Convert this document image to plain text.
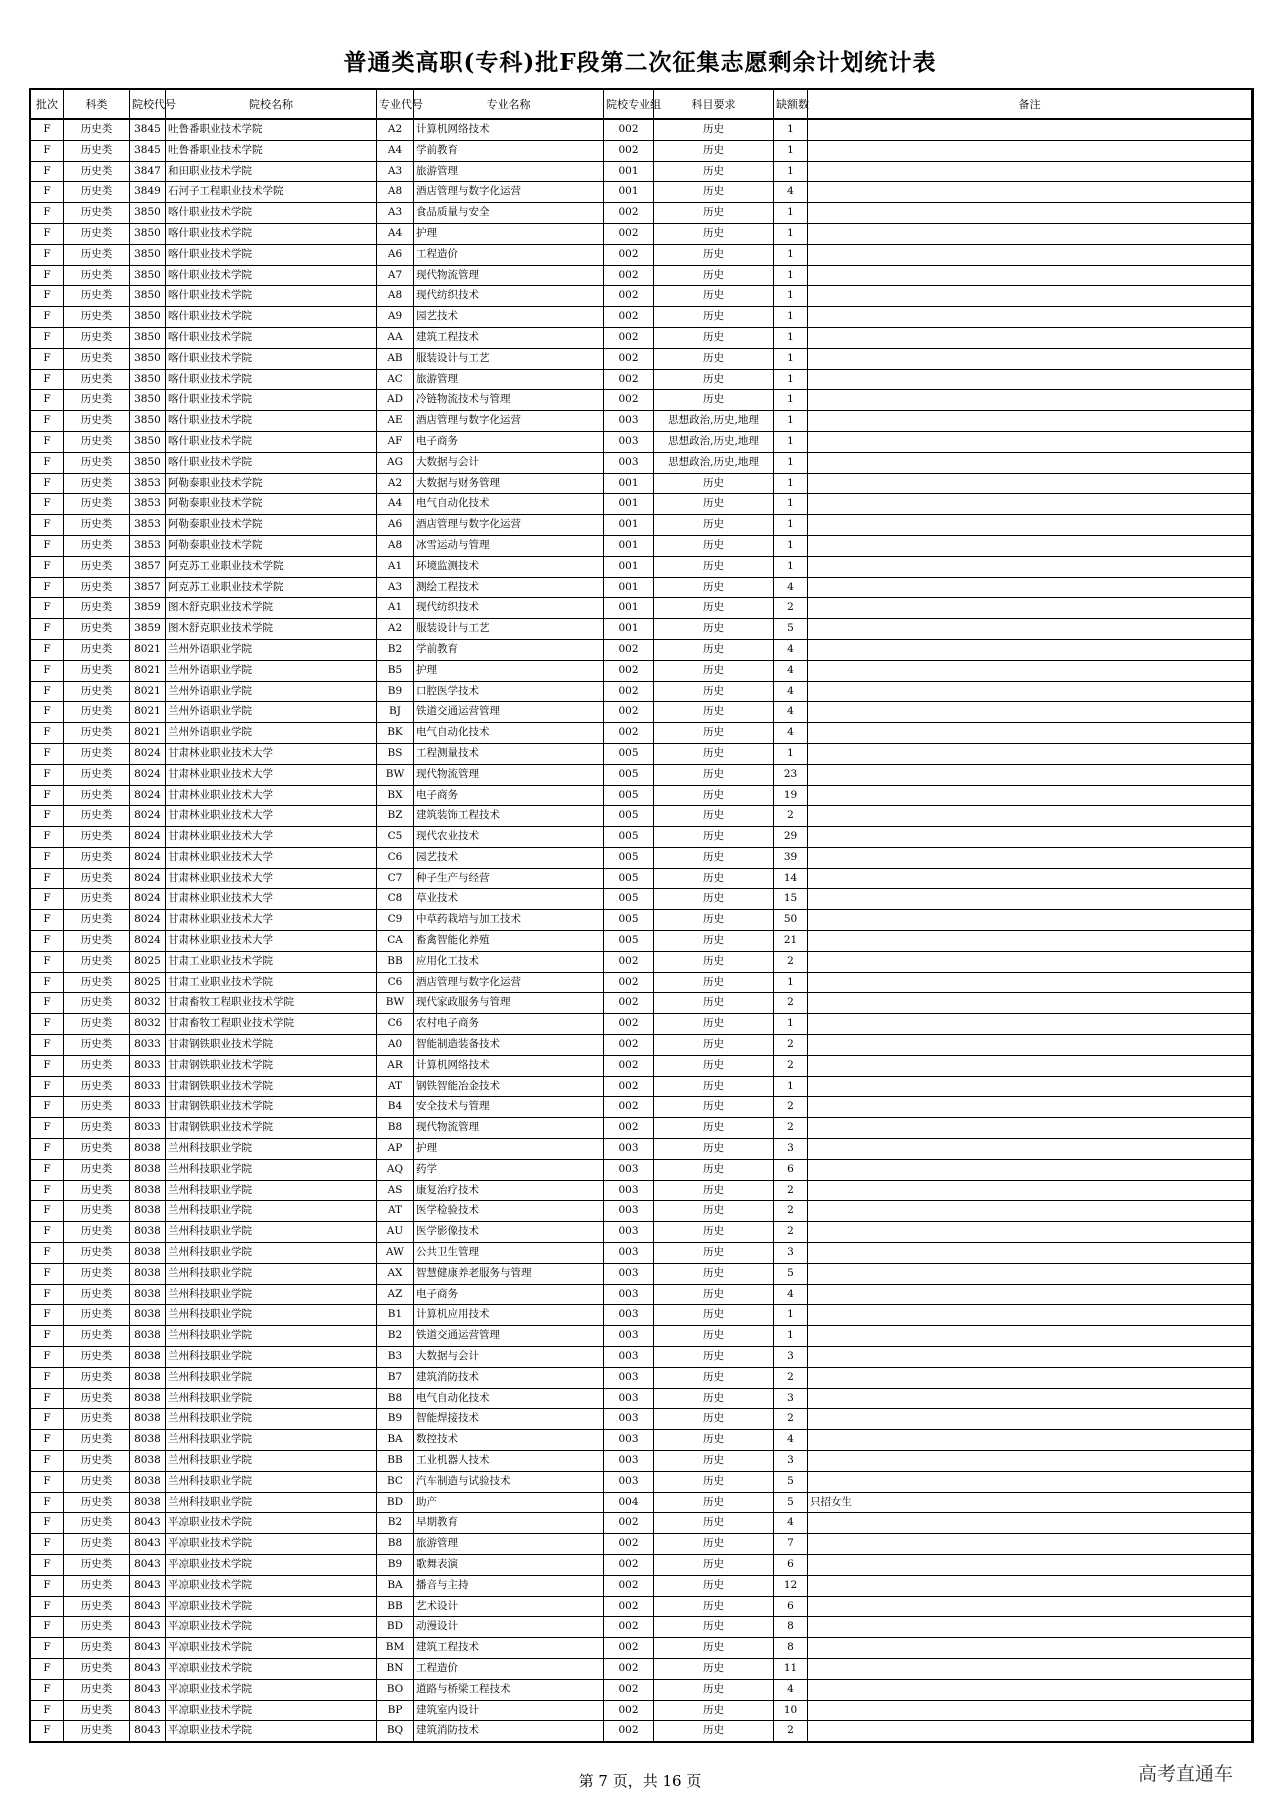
普通类高职(专科)批F段第二次征集志愿剩余计划统计表
批次	科类	院校代号	院校名称	专业代号	专业名称	院校专业组	科目要求	缺额数	备注
F	历史类	3845	吐鲁番职业技术学院	A2	计算机网络技术	002	历史	1	
F	历史类	3845	吐鲁番职业技术学院	A4	学前教育	002	历史	1	
F	历史类	3847	和田职业技术学院	A3	旅游管理	001	历史	1	
F	历史类	3849	石河子工程职业技术学院	A8	酒店管理与数字化运营	001	历史	4	
F	历史类	3850	喀什职业技术学院	A3	食品质量与安全	002	历史	1	
F	历史类	3850	喀什职业技术学院	A4	护理	002	历史	1	
F	历史类	3850	喀什职业技术学院	A6	工程造价	002	历史	1	
F	历史类	3850	喀什职业技术学院	A7	现代物流管理	002	历史	1	
F	历史类	3850	喀什职业技术学院	A8	现代纺织技术	002	历史	1	
F	历史类	3850	喀什职业技术学院	A9	园艺技术	002	历史	1	
F	历史类	3850	喀什职业技术学院	AA	建筑工程技术	002	历史	1	
F	历史类	3850	喀什职业技术学院	AB	服装设计与工艺	002	历史	1	
F	历史类	3850	喀什职业技术学院	AC	旅游管理	002	历史	1	
F	历史类	3850	喀什职业技术学院	AD	冷链物流技术与管理	002	历史	1	
F	历史类	3850	喀什职业技术学院	AE	酒店管理与数字化运营	003	思想政治,历史,地理	1	
F	历史类	3850	喀什职业技术学院	AF	电子商务	003	思想政治,历史,地理	1	
F	历史类	3850	喀什职业技术学院	AG	大数据与会计	003	思想政治,历史,地理	1	
F	历史类	3853	阿勒泰职业技术学院	A2	大数据与财务管理	001	历史	1	
F	历史类	3853	阿勒泰职业技术学院	A4	电气自动化技术	001	历史	1	
F	历史类	3853	阿勒泰职业技术学院	A6	酒店管理与数字化运营	001	历史	1	
F	历史类	3853	阿勒泰职业技术学院	A8	冰雪运动与管理	001	历史	1	
F	历史类	3857	阿克苏工业职业技术学院	A1	环境监测技术	001	历史	1	
F	历史类	3857	阿克苏工业职业技术学院	A3	测绘工程技术	001	历史	4	
F	历史类	3859	图木舒克职业技术学院	A1	现代纺织技术	001	历史	2	
F	历史类	3859	图木舒克职业技术学院	A2	服装设计与工艺	001	历史	5	
F	历史类	8021	兰州外语职业学院	B2	学前教育	002	历史	4	
F	历史类	8021	兰州外语职业学院	B5	护理	002	历史	4	
F	历史类	8021	兰州外语职业学院	B9	口腔医学技术	002	历史	4	
F	历史类	8021	兰州外语职业学院	BJ	铁道交通运营管理	002	历史	4	
F	历史类	8021	兰州外语职业学院	BK	电气自动化技术	002	历史	4	
F	历史类	8024	甘肃林业职业技术大学	BS	工程测量技术	005	历史	1	
F	历史类	8024	甘肃林业职业技术大学	BW	现代物流管理	005	历史	23	
F	历史类	8024	甘肃林业职业技术大学	BX	电子商务	005	历史	19	
F	历史类	8024	甘肃林业职业技术大学	BZ	建筑装饰工程技术	005	历史	2	
F	历史类	8024	甘肃林业职业技术大学	C5	现代农业技术	005	历史	29	
F	历史类	8024	甘肃林业职业技术大学	C6	园艺技术	005	历史	39	
F	历史类	8024	甘肃林业职业技术大学	C7	种子生产与经营	005	历史	14	
F	历史类	8024	甘肃林业职业技术大学	C8	草业技术	005	历史	15	
F	历史类	8024	甘肃林业职业技术大学	C9	中草药栽培与加工技术	005	历史	50	
F	历史类	8024	甘肃林业职业技术大学	CA	畜禽智能化养殖	005	历史	21	
F	历史类	8025	甘肃工业职业技术学院	BB	应用化工技术	002	历史	2	
F	历史类	8025	甘肃工业职业技术学院	C6	酒店管理与数字化运营	002	历史	1	
F	历史类	8032	甘肃畜牧工程职业技术学院	BW	现代家政服务与管理	002	历史	2	
F	历史类	8032	甘肃畜牧工程职业技术学院	C6	农村电子商务	002	历史	1	
F	历史类	8033	甘肃钢铁职业技术学院	A0	智能制造装备技术	002	历史	2	
F	历史类	8033	甘肃钢铁职业技术学院	AR	计算机网络技术	002	历史	2	
F	历史类	8033	甘肃钢铁职业技术学院	AT	钢铁智能冶金技术	002	历史	1	
F	历史类	8033	甘肃钢铁职业技术学院	B4	安全技术与管理	002	历史	2	
F	历史类	8033	甘肃钢铁职业技术学院	B8	现代物流管理	002	历史	2	
F	历史类	8038	兰州科技职业学院	AP	护理	003	历史	3	
F	历史类	8038	兰州科技职业学院	AQ	药学	003	历史	6	
F	历史类	8038	兰州科技职业学院	AS	康复治疗技术	003	历史	2	
F	历史类	8038	兰州科技职业学院	AT	医学检验技术	003	历史	2	
F	历史类	8038	兰州科技职业学院	AU	医学影像技术	003	历史	2	
F	历史类	8038	兰州科技职业学院	AW	公共卫生管理	003	历史	3	
F	历史类	8038	兰州科技职业学院	AX	智慧健康养老服务与管理	003	历史	5	
F	历史类	8038	兰州科技职业学院	AZ	电子商务	003	历史	4	
F	历史类	8038	兰州科技职业学院	B1	计算机应用技术	003	历史	1	
F	历史类	8038	兰州科技职业学院	B2	铁道交通运营管理	003	历史	1	
F	历史类	8038	兰州科技职业学院	B3	大数据与会计	003	历史	3	
F	历史类	8038	兰州科技职业学院	B7	建筑消防技术	003	历史	2	
F	历史类	8038	兰州科技职业学院	B8	电气自动化技术	003	历史	3	
F	历史类	8038	兰州科技职业学院	B9	智能焊接技术	003	历史	2	
F	历史类	8038	兰州科技职业学院	BA	数控技术	003	历史	4	
F	历史类	8038	兰州科技职业学院	BB	工业机器人技术	003	历史	3	
F	历史类	8038	兰州科技职业学院	BC	汽车制造与试验技术	003	历史	5	
F	历史类	8038	兰州科技职业学院	BD	助产	004	历史	5	只招女生
F	历史类	8043	平凉职业技术学院	B2	早期教育	002	历史	4	
F	历史类	8043	平凉职业技术学院	B8	旅游管理	002	历史	7	
F	历史类	8043	平凉职业技术学院	B9	歌舞表演	002	历史	6	
F	历史类	8043	平凉职业技术学院	BA	播音与主持	002	历史	12	
F	历史类	8043	平凉职业技术学院	BB	艺术设计	002	历史	6	
F	历史类	8043	平凉职业技术学院	BD	动漫设计	002	历史	8	
F	历史类	8043	平凉职业技术学院	BM	建筑工程技术	002	历史	8	
F	历史类	8043	平凉职业技术学院	BN	工程造价	002	历史	11	
F	历史类	8043	平凉职业技术学院	BO	道路与桥梁工程技术	002	历史	4	
F	历史类	8043	平凉职业技术学院	BP	建筑室内设计	002	历史	10	
F	历史类	8043	平凉职业技术学院	BQ	建筑消防技术	002	历史	2	
第 7 页，共 16 页	高考直通车
